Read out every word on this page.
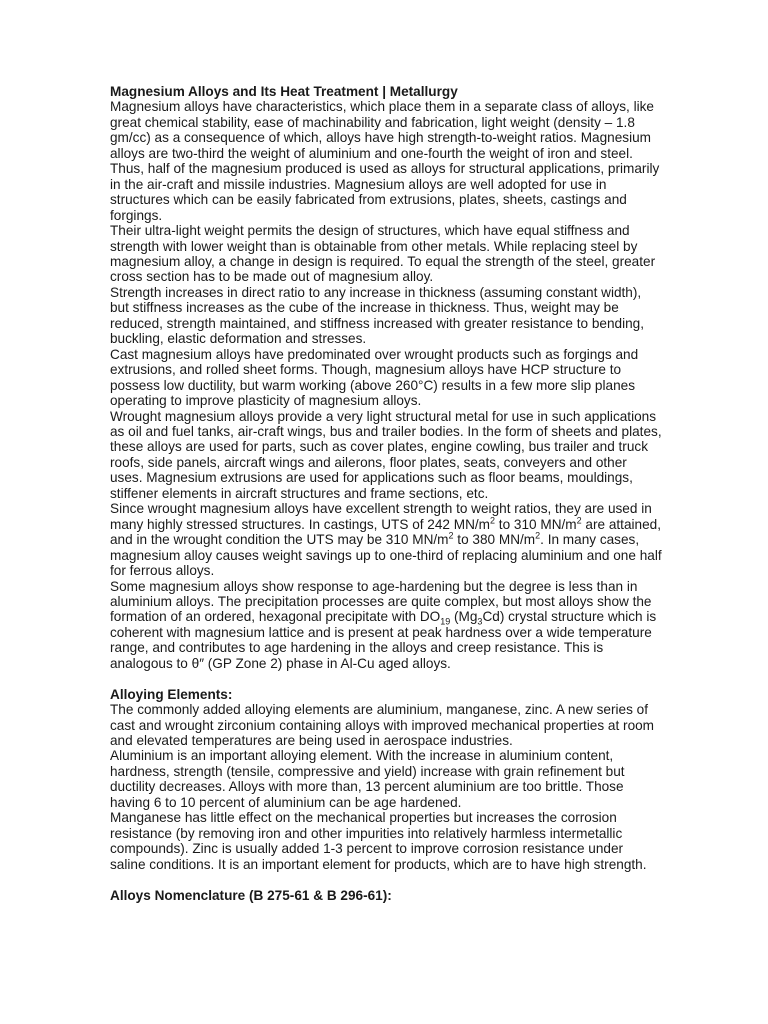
Magnesium Alloys and Its Heat Treatment | Metallurgy

Magnesium alloys have characteristics, which place them in a separate class of alloys, like great chemical stability, ease of machinability and fabrication, light weight (density – 1.8 gm/cc) as a consequence of which, alloys have high strength-to-weight ratios. Magnesium alloys are two-third the weight of aluminium and one-fourth the weight of iron and steel. Thus, half of the magnesium produced is used as alloys for structural applications, primarily in the air-craft and missile industries. Magnesium alloys are well adopted for use in structures which can be easily fabricated from extrusions, plates, sheets, castings and forgings.

Their ultra-light weight permits the design of structures, which have equal stiffness and strength with lower weight than is obtainable from other metals. While replacing steel by magnesium alloy, a change in design is required. To equal the strength of the steel, greater cross section has to be made out of magnesium alloy.

Strength increases in direct ratio to any increase in thickness (assuming constant width), but stiffness increases as the cube of the increase in thickness. Thus, weight may be reduced, strength maintained, and stiffness increased with greater resistance to bending, buckling, elastic deformation and stresses.

Cast magnesium alloys have predominated over wrought products such as forgings and extrusions, and rolled sheet forms. Though, magnesium alloys have HCP structure to possess low ductility, but warm working (above 260°C) results in a few more slip planes operating to improve plasticity of magnesium alloys.

Wrought magnesium alloys provide a very light structural metal for use in such applications as oil and fuel tanks, air-craft wings, bus and trailer bodies. In the form of sheets and plates, these alloys are used for parts, such as cover plates, engine cowling, bus trailer and truck roofs, side panels, aircraft wings and ailerons, floor plates, seats, conveyers and other uses. Magnesium extrusions are used for applications such as floor beams, mouldings, stiffener elements in aircraft structures and frame sections, etc.

Since wrought magnesium alloys have excellent strength to weight ratios, they are used in many highly stressed structures. In castings, UTS of 242 $MN/m^2$ to 310 $MN/m^2$ are attained, and in the wrought condition the UTS may be 310 $MN/m^2$ to 380 $MN/m^2$. In many cases, magnesium alloy causes weight savings up to one-third of replacing aluminium and one half for ferrous alloys.

Some magnesium alloys show response to age-hardening but the degree is less than in aluminium alloys. The precipitation processes are quite complex, but most alloys show the formation of an ordered, hexagonal precipitate with $DO_{19}$ $(Mg_3Cd)$ crystal structure which is coherent with magnesium lattice and is present at peak hardness over a wide temperature range, and contributes to age hardening in the alloys and creep resistance. This is analogous to θ″ (GP Zone 2) phase in Al-Cu aged alloys.

Alloying Elements:

The commonly added alloying elements are aluminium, manganese, zinc. A new series of cast and wrought zirconium containing alloys with improved mechanical properties at room and elevated temperatures are being used in aerospace industries.

Aluminium is an important alloying element. With the increase in aluminium content, hardness, strength (tensile, compressive and yield) increase with grain refinement but ductility decreases. Alloys with more than, 13 percent aluminium are too brittle. Those having 6 to 10 percent of aluminium can be age hardened.

Manganese has little effect on the mechanical properties but increases the corrosion resistance (by removing iron and other impurities into relatively harmless intermetallic compounds). Zinc is usually added 1-3 percent to improve corrosion resistance under saline conditions. It is an important element for products, which are to have high strength.

Alloys Nomenclature (B 275-61 & B 296-61):
